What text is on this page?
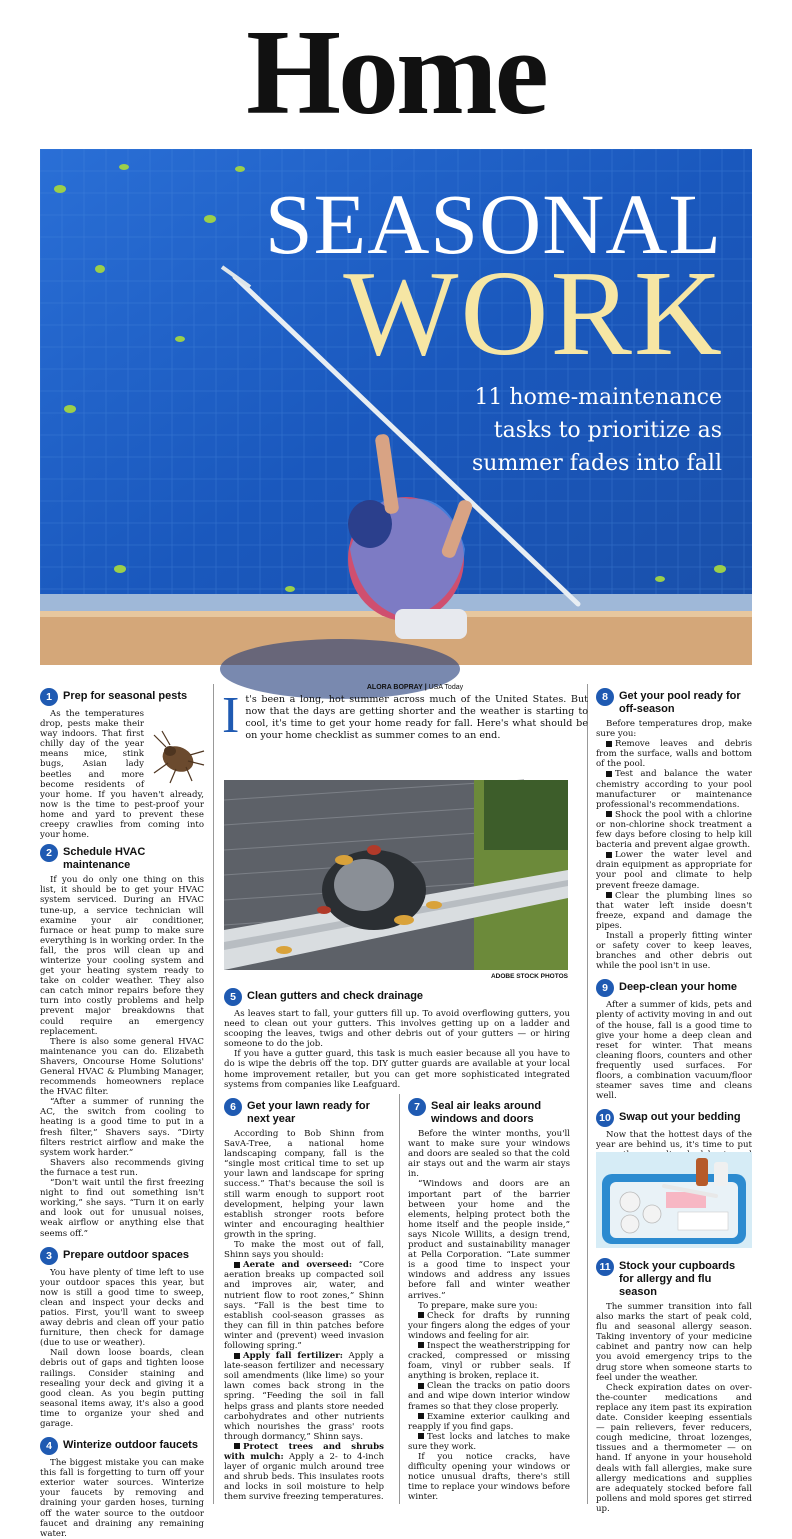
Home
SEASONAL
WORK
11 home-maintenance tasks to prioritize as summer fades into fall
1	Prep for seasonal pests

As the temperatures drop, pests make their way indoors. That first chilly day of the year means mice, stink bugs, Asian lady beetles and more become residents of your home. If you haven't already, now is the time to pest-proof your home and yard to prevent these creepy crawlies from coming into your home.

2	Schedule HVAC maintenance

If you do only one thing on this list, it should be to get your HVAC system serviced. During an HVAC tune-up, a service technician will examine your air conditioner, furnace or heat pump to make sure everything is in working order. In the fall, the pros will clean up and winterize your cooling system and get your heating system ready to take on colder weather. They also can catch minor repairs before they turn into costly problems and help prevent major breakdowns that could require an emergency replacement.

There is also some general HVAC maintenance you can do. Elizabeth Shavers, Oncourse Home Solutions' General HVAC & Plumbing Manager, recommends homeowners replace the HVAC filter.

“After a summer of running the AC, the switch from cooling to heating is a good time to put in a fresh filter,” Shavers says. “Dirty filters restrict airflow and make the system work harder.”

Shavers also recommends giving the furnace a test run.

“Don't wait until the first freezing night to find out something isn't working,” she says. “Turn it on early and look out for unusual noises, weak airflow or anything else that seems off.”

3	Prepare outdoor spaces

You have plenty of time left to use your outdoor spaces this year, but now is still a good time to sweep, clean and inspect your decks and patios. First, you'll want to sweep away debris and clean off your patio furniture, then check for damage (due to use or weather).

Nail down loose boards, clean debris out of gaps and tighten loose railings. Consider staining and resealing your deck and giving it a good clean. As you begin putting seasonal items away, it's also a good time to organize your shed and garage.

4	Winterize outdoor faucets

The biggest mistake you can make this fall is forgetting to turn off your exterior water sources. Winterize your faucets by removing and draining your garden hoses, turning off the water source to the outdoor faucet and draining any remaining water.

ALORA BOPRAY | USA Today
It's been a long, hot summer across much of the United States. But now that the days are getting shorter and the weather is starting to cool, it's time to get your home ready for fall. Here's what should be on your home checklist as summer comes to an end.
ADOBE STOCK PHOTOS
5	Clean gutters and check drainage

As leaves start to fall, your gutters fill up. To avoid overflowing gutters, you need to clean out your gutters. This involves getting up on a ladder and scooping the leaves, twigs and other debris out of your gutters — or hiring someone to do the job.

If you have a gutter guard, this task is much easier because all you have to do is wipe the debris off the top. DIY gutter guards are available at your local home improvement retailer, but you can get more sophisticated integrated systems from companies like Leafguard.

6	Get your lawn ready for next year

According to Bob Shinn from SavA-Tree, a national home landscaping company, fall is the “single most critical time to set up your lawn and landscape for spring success.” That's because the soil is still warm enough to support root development, helping your lawn establish stronger roots before winter and encouraging healthier growth in the spring.

To make the most out of fall, Shinn says you should:

Aerate and overseed: “Core aeration breaks up compacted soil and improves air, water, and nutrient flow to root zones,” Shinn says. “Fall is the best time to establish cool-season grasses as they can fill in thin patches before winter and (prevent) weed invasion following spring.”

Apply fall fertilizer: Apply a late-season fertilizer and necessary soil amendments (like lime) so your lawn comes back strong in the spring. “Feeding the soil in fall helps grass and plants store needed carbohydrates and other nutrients which nourishes the grass' roots through dormancy,” Shinn says.

Protect trees and shrubs with mulch: Apply a 2- to 4-inch layer of organic mulch around tree and shrub beds. This insulates roots and locks in soil moisture to help them survive freezing temperatures.

7	Seal air leaks around windows and doors

Before the winter months, you'll want to make sure your windows and doors are sealed so that the cold air stays out and the warm air stays in.

“Windows and doors are an important part of the barrier between your home and the elements, helping protect both the home itself and the people inside,” says Nicole Willits, a design trend, product and sustainability manager at Pella Corporation. “Late summer is a good time to inspect your windows and address any issues before fall and winter weather arrives.”

To prepare, make sure you:

Check for drafts by running your fingers along the edges of your windows and feeling for air.

Inspect the weatherstripping for cracked, compressed or missing foam, vinyl or rubber seals. If anything is broken, replace it.

Clean the tracks on patio doors and and wipe down interior window frames so that they close properly.

Examine exterior caulking and reapply if you find gaps.

Test locks and latches to make sure they work.

If you notice cracks, have difficulty opening your windows or notice unusual drafts, there's still time to replace your windows before winter.

8	Get your pool ready for off-season

Before temperatures drop, make sure you:

Remove leaves and debris from the surface, walls and bottom of the pool.

Test and balance the water chemistry according to your pool manufacturer or maintenance professional's recommendations.

Shock the pool with a chlorine or non-chlorine shock treatment a few days before closing to help kill bacteria and prevent algae growth.

Lower the water level and drain equipment as appropriate for your pool and climate to help prevent freeze damage.

Clear the plumbing lines so that water left inside doesn't freeze, expand and damage the pipes.

Install a properly fitting winter or safety cover to keep leaves, branches and other debris out while the pool isn't in use.

9	Deep-clean your home

After a summer of kids, pets and plenty of activity moving in and out of the house, fall is a good time to give your home a deep clean and reset for winter. That means cleaning floors, counters and other frequently used surfaces. For floors, a combination vacuum/floor steamer saves time and cleans well.

10 Swap out your bedding

Now that the hottest days of the year are behind us, it's time to put

11 Stock your cupboards for allergy and flu season

The summer transition into fall also marks the start of peak cold, flu and seasonal allergy season. Taking inventory of your medicine cabinet and pantry now can help you avoid emergency trips to the drug store when someone starts to feel under the weather.

Check expiration dates on over-the-counter medications and replace any item past its expiration date. Consider keeping essentials — pain relievers, fever reducers, cough medicine, throat lozenges, tissues and a thermometer — on hand. If anyone in your household deals with fall allergies, make sure allergy medications and supplies are adequately stocked before fall pollens and mold spores get stirred up.
